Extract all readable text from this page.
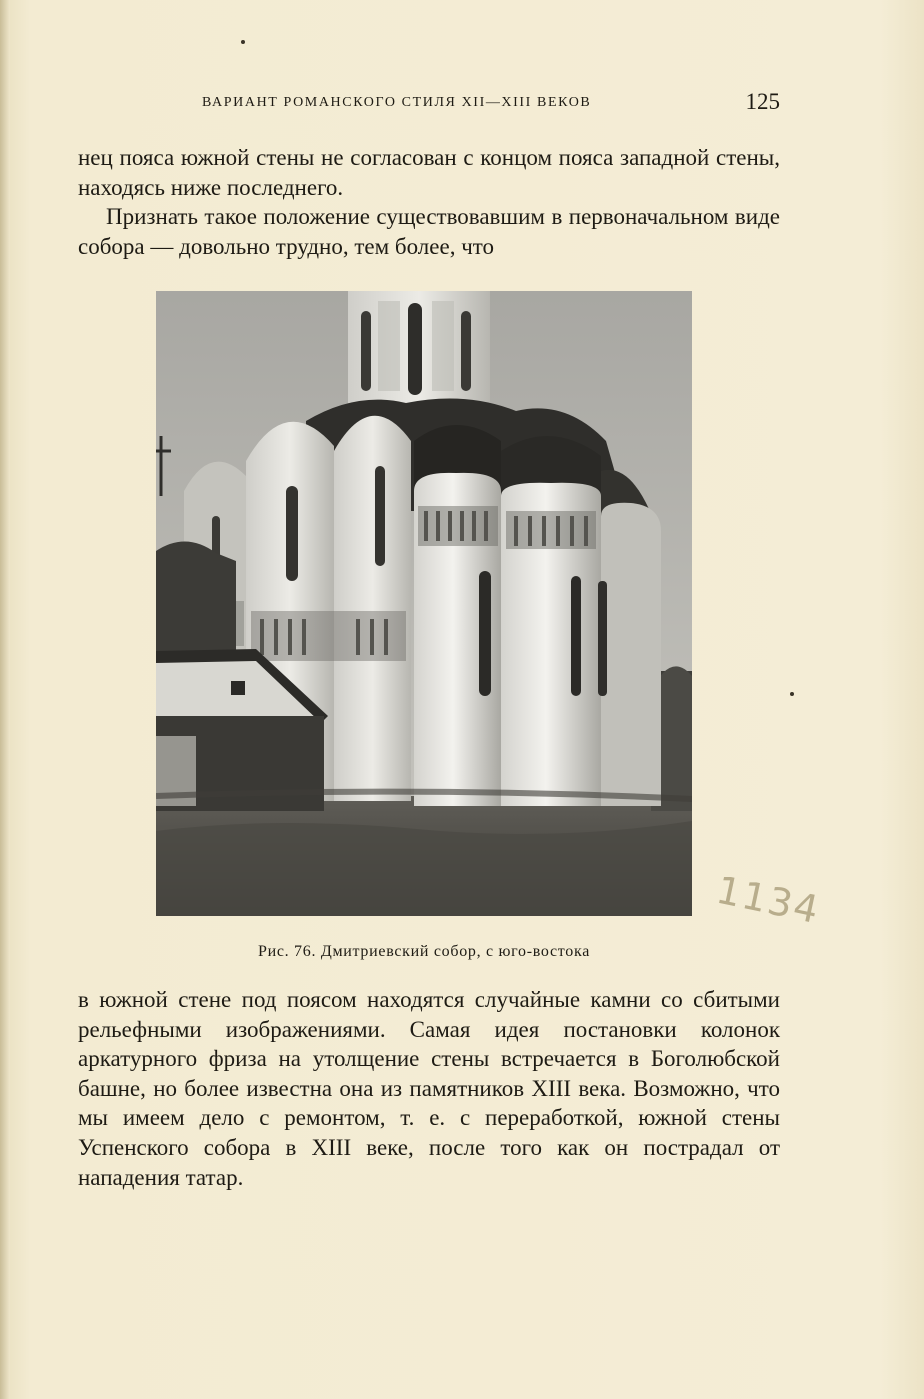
ВАРИАНТ РОМАНСКОГО СТИЛЯ XII—XIII ВЕКОВ	125

нец пояса южной стены не согласован с концом пояса западной стены, находясь ниже последнего.

Признать такое положение существовавшим в первоначальном виде собора — довольно трудно, тем более, что

Рис. 76. Дмитриевский собор, с юго-востока
1134

в южной стене под поясом находятся случайные камни со сбитыми рельефными изображениями. Самая идея постановки колонок аркатурного фриза на утолщение стены встречается в Боголюбской башне, но более известна она из памятников XIII века. Возможно, что мы имеем дело с ремонтом, т. е. с переработкой, южной стены Успенского собора в XIII веке, после того как он пострадал от нападения татар.
